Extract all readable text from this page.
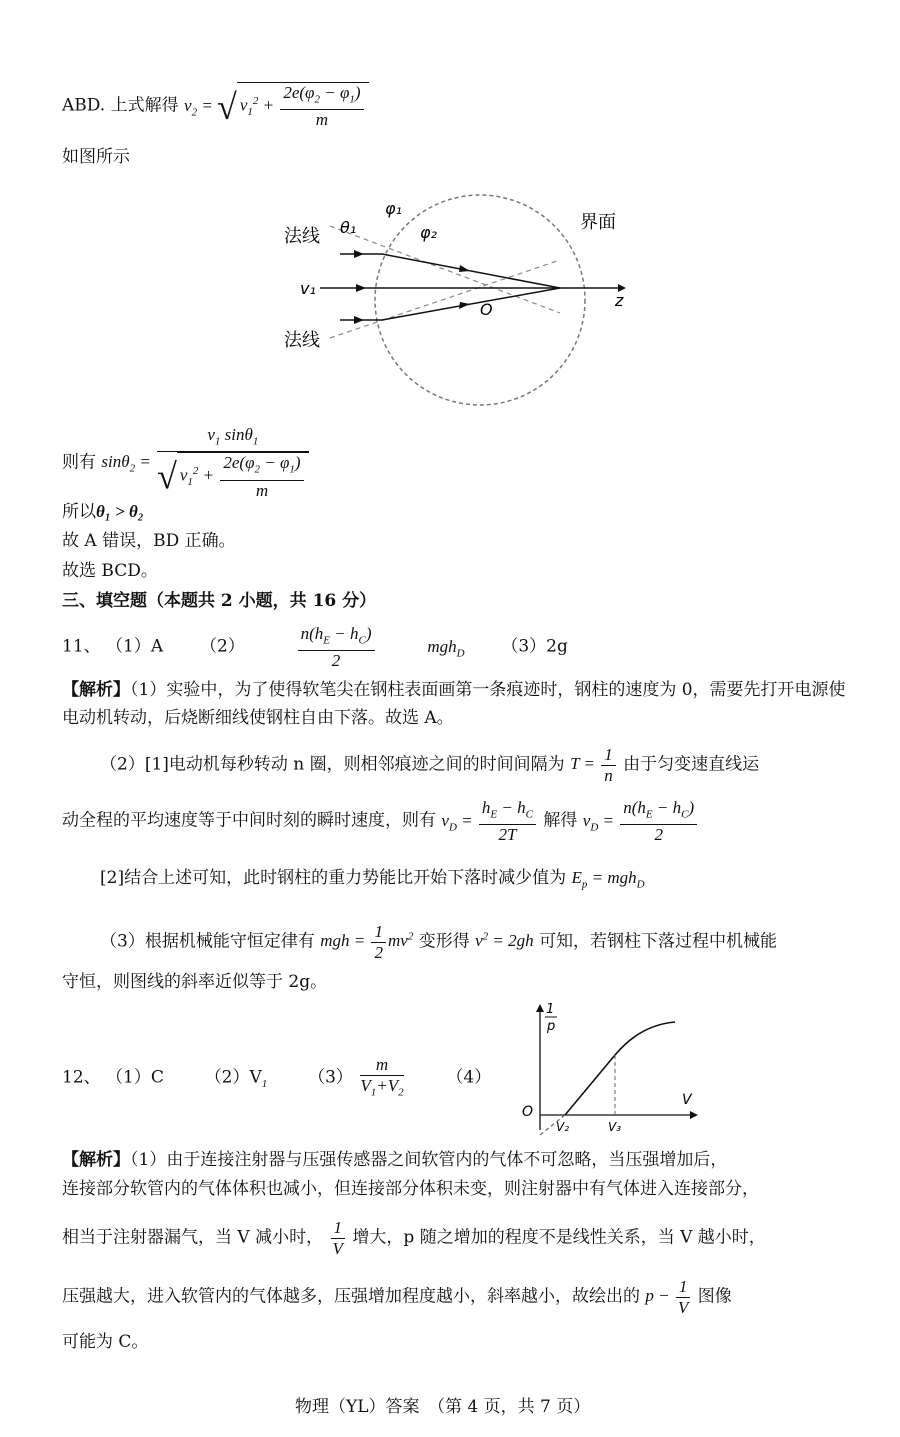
ABD. 上式解得 $v_2$ = √ $v_1^2 + \frac{2e(\varphi_2 - \varphi_1)}{m}$
如图所示
法线
法线
θ₁
φ₁
φ₂	界面
v₁
O	z
则有 $\sin\theta_2 = \frac{v_1 \sin\theta_1}{√ v_1^2 + \frac{2e(\varphi_2 - \varphi_1)}{m}}$
所以θ₁ > θ₂
故 A 错误，BD 正确。
故选 BCD。
三、填空题（本题共 2 小题，共 16 分）
11、 （1）A （2）	$\frac{n(h_E - h_C)}{2}$	mgh$_D$ （3）2g
【解析】（1）实验中，为了使得软笔尖在钢柱表面画第一条痕迹时，钢柱的速度为 0，需要先打开电源使电动机转动，后烧断细线使钢柱自由下落。故选 A。
（2）[1]电动机每秒转动 n 圈，则相邻痕迹之间的时间间隔为 $T = \frac{1}{n}$ 由于匀变速直线运
动全程的平均速度等于中间时刻的瞬时速度，则有 $v_D = \frac{h_E - h_C}{2T}$ 解得 $v_D = \frac{n(h_E - h_C)}{2}$
[2]结合上述可知，此时钢柱的重力势能比开始下落时减少值为 $E_p = mgh_D$
（3）根据机械能守恒定律有 mgh = $\frac{1}{2} mv^2$ 变形得 $v^2 = 2gh$ 可知，若钢柱下落过程中机械能
守恒，则图线的斜率近似等于 2g。
12、 （1）C $(2)V_1$ $(3) \frac{m}{V_1+V_2}$	（4）
1
p
V
O
V₂	V₃
【解析】（1）由于连接注射器与压强传感器之间软管内的气体不可忽略，当压强增加后，
连接部分软管内的气体体积也减小，但连接部分体积未变，则注射器中有气体进入连接部分，
相当于注射器漏气，当 V 减小时， $\frac{1}{V}$ 增大，p 随之增加的程度不是线性关系，当 V 越小时，
压强越大，进入软管内的气体越多，压强增加程度越小，斜率越小，故绘出的 $p - \frac{1}{V}$ 图像
可能为 C。
物理（YL）答案　（第 4 页，共 7 页）
